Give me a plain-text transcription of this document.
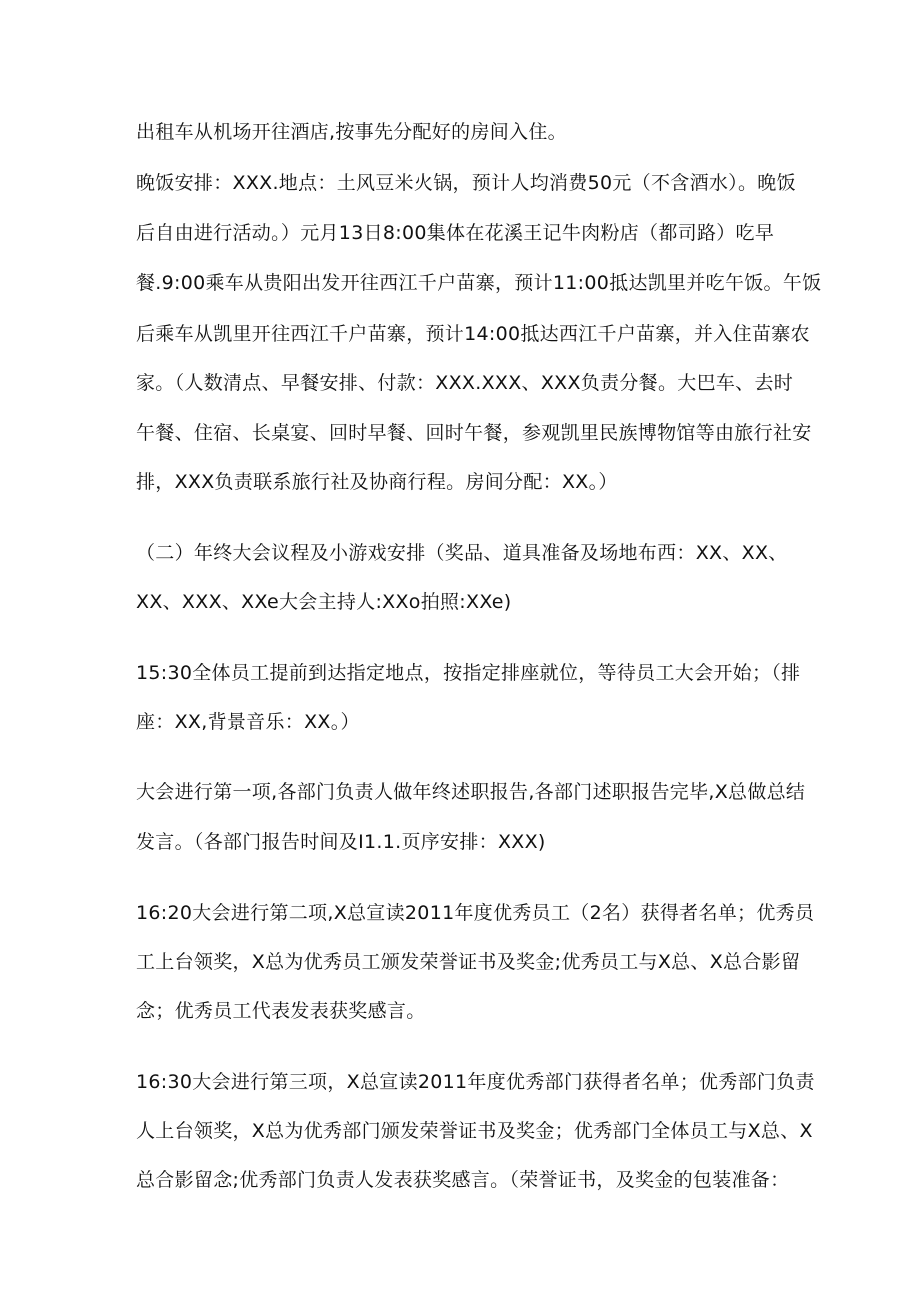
出租车从机场开往酒店,按事先分配好的房间入住。
晚饭安排：XXX.地点：土风豆米火锅，预计人均消费50元（不含酒水）。晚饭
后自由进行活动。）元月13日8:00集体在花溪王记牛肉粉店（都司路）吃早
餐.9:00乘车从贵阳出发开往西江千户苗寨，预计11:00抵达凯里并吃午饭。午饭
后乘车从凯里开往西江千户苗寨，预计14:00抵达西江千户苗寨，并入住苗寨农
家。（人数清点、早餐安排、付款：XXX.XXX、XXX负责分餐。大巴车、去时
午餐、住宿、长桌宴、回时早餐、回时午餐，参观凯里民族博物馆等由旅行社安
排，XXX负责联系旅行社及协商行程。房间分配：XX。）
（二）年终大会议程及小游戏安排（奖品、道具准备及场地布西：XX、XX、
XX、XXX、XXe大会主持人:XXo拍照:XXe)
15:30全体员工提前到达指定地点，按指定排座就位，等待员工大会开始；（排
座：XX,背景音乐：XX。）
大会进行第一项,各部门负责人做年终述职报告,各部门述职报告完毕,X总做总结
发言。（各部门报告时间及I1.1.页序安排：XXX)
16:20大会进行第二项,X总宣读2011年度优秀员工（2名）获得者名单；优秀员
工上台领奖，X总为优秀员工颁发荣誉证书及奖金;优秀员工与X总、X总合影留
念；优秀员工代表发表获奖感言。
16:30大会进行第三项，X总宣读2011年度优秀部门获得者名单；优秀部门负责
人上台领奖，X总为优秀部门颁发荣誉证书及奖金；优秀部门全体员工与X总、X
总合影留念;优秀部门负责人发表获奖感言。（荣誉证书，及奖金的包装准备：
